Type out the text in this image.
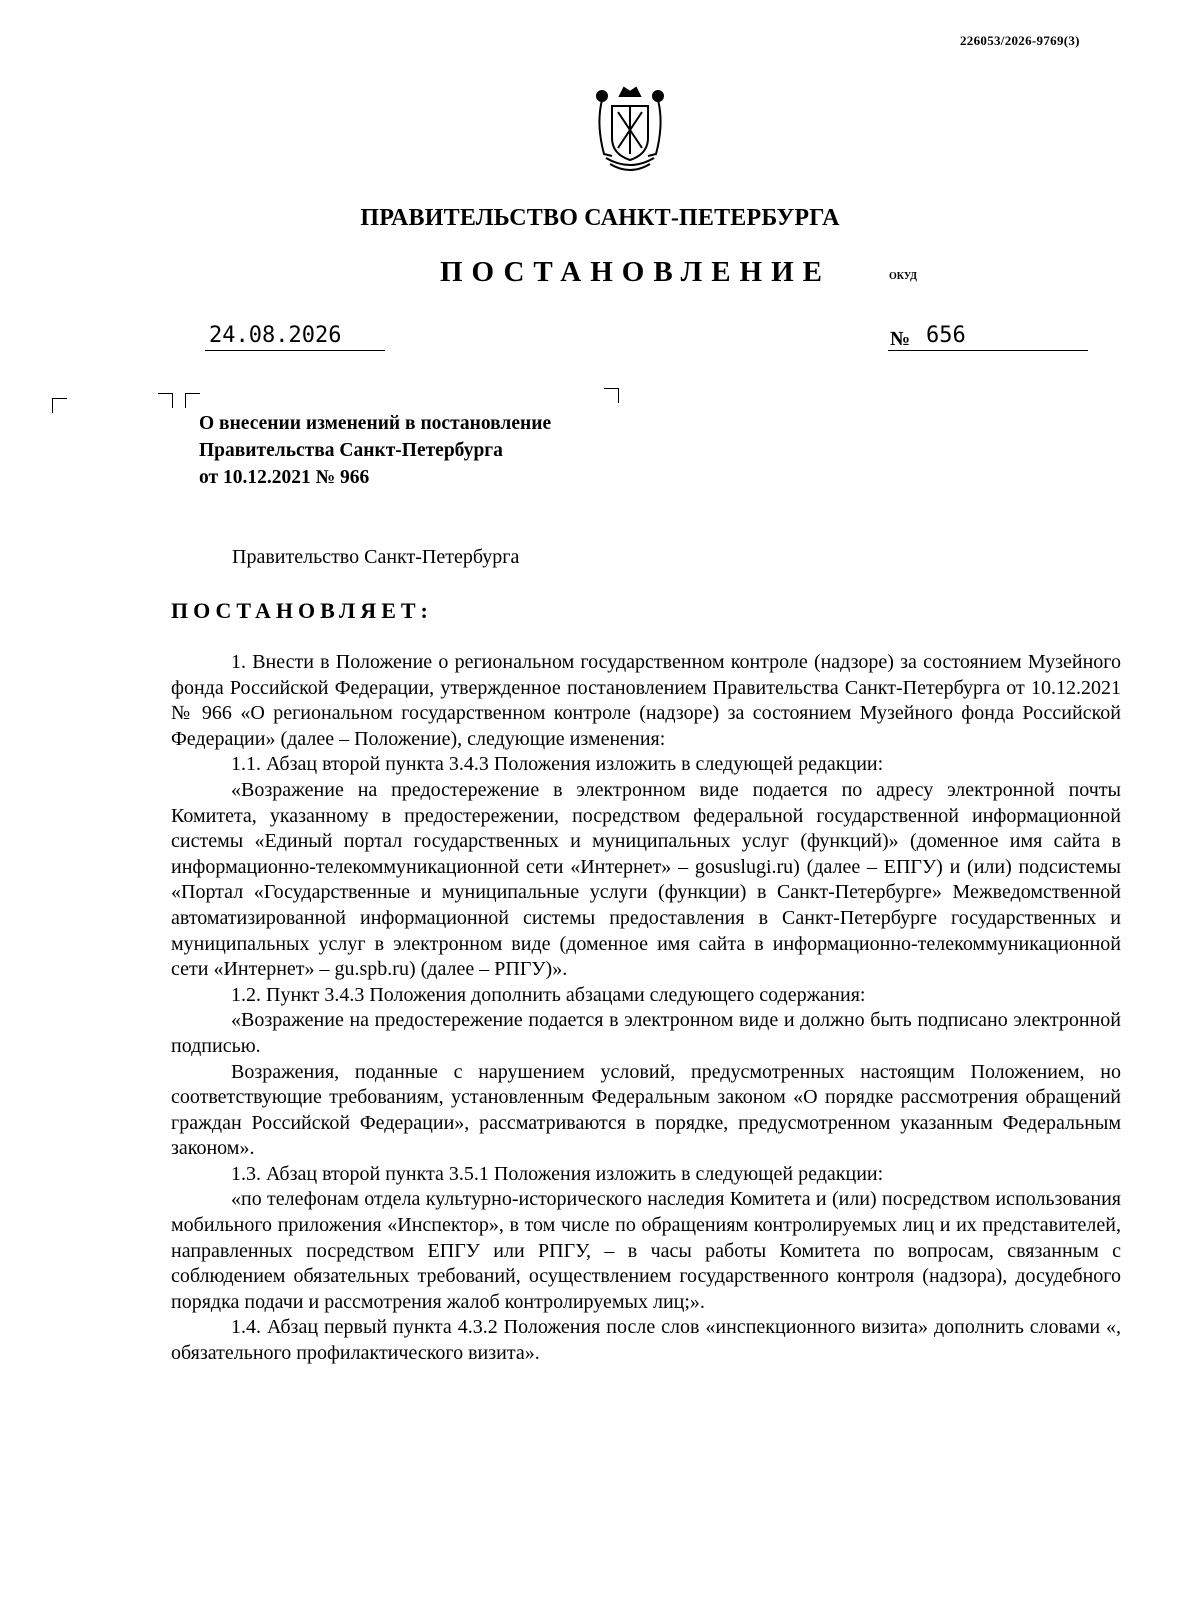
226053/2026-9769(3)
ПРАВИТЕЛЬСТВО САНКТ-ПЕТЕРБУРГА
ПОСТАНОВЛЕНИЕ	ОКУД
24.08.2026	№ 656
О внесении изменений в постановление
Правительства Санкт-Петербурга
от 10.12.2021 № 966
Правительство Санкт-Петербурга
ПОСТАНОВЛЯЕТ:

1. Внести в Положение о региональном государственном контроле (надзоре) за состоянием Музейного фонда Российской Федерации, утвержденное постановлением Правительства Санкт-Петербурга от 10.12.2021 № 966 «О региональном государственном контроле (надзоре) за состоянием Музейного фонда Российской Федерации» (далее – Положение), следующие изменения:

1.1. Абзац второй пункта 3.4.3 Положения изложить в следующей редакции:

«Возражение на предостережение в электронном виде подается по адресу электронной почты Комитета, указанному в предостережении, посредством федеральной государственной информационной системы «Единый портал государственных и муниципальных услуг (функций)» (доменное имя сайта в информационно-телекоммуникационной сети «Интернет» – gosuslugi.ru) (далее – ЕПГУ) и (или) подсистемы «Портал «Государственные и муниципальные услуги (функции) в Санкт-Петербурге» Межведомственной автоматизированной информационной системы предоставления в Санкт-Петербурге государственных и муниципальных услуг в электронном виде (доменное имя сайта в информационно-телекоммуникационной сети «Интернет» – gu.spb.ru) (далее – РПГУ)».

1.2. Пункт 3.4.3 Положения дополнить абзацами следующего содержания:

«Возражение на предостережение подается в электронном виде и должно быть подписано электронной подписью.

Возражения, поданные с нарушением условий, предусмотренных настоящим Положением, но соответствующие требованиям, установленным Федеральным законом «О порядке рассмотрения обращений граждан Российской Федерации», рассматриваются в порядке, предусмотренном указанным Федеральным законом».

1.3. Абзац второй пункта 3.5.1 Положения изложить в следующей редакции:

«по телефонам отдела культурно-исторического наследия Комитета и (или) посредством использования мобильного приложения «Инспектор», в том числе по обращениям контролируемых лиц и их представителей, направленных посредством ЕПГУ или РПГУ, – в часы работы Комитета по вопросам, связанным с соблюдением обязательных требований, осуществлением государственного контроля (надзора), досудебного порядка подачи и рассмотрения жалоб контролируемых лиц;».

1.4. Абзац первый пункта 4.3.2 Положения после слов «инспекционного визита» дополнить словами «, обязательного профилактического визита».
